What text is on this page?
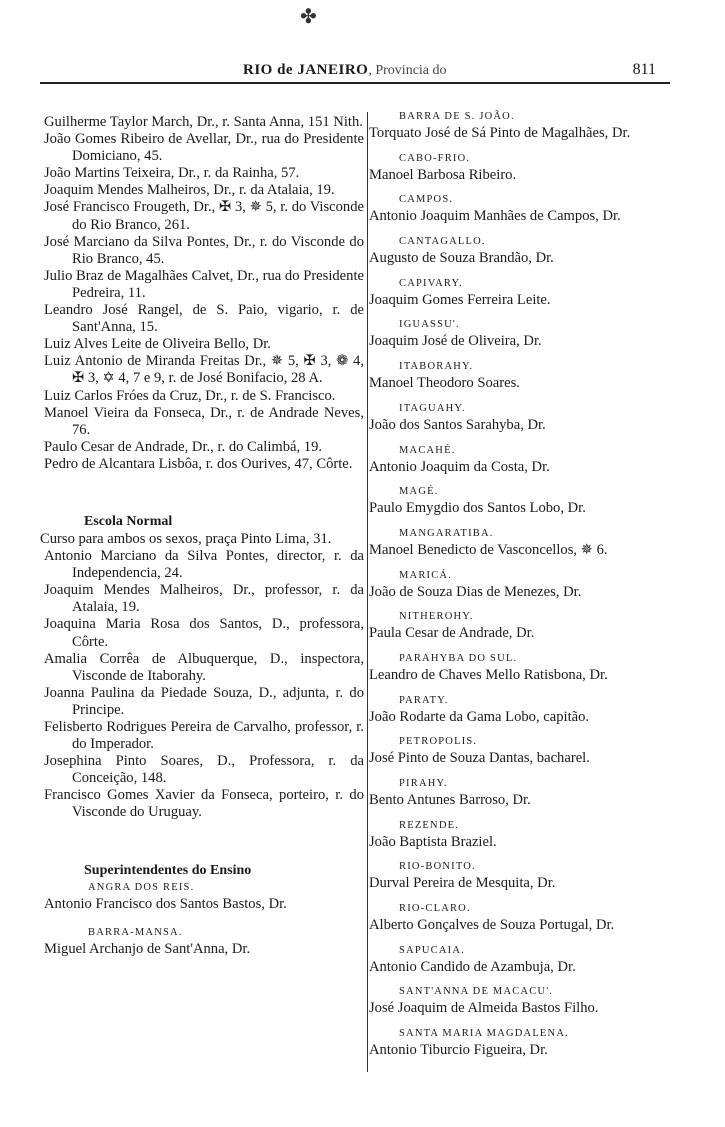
✤
RIO de JANEIRO, Provincia do	811
Guilherme Taylor March, Dr., r. Santa Anna, 151 Nith.
João Gomes Ribeiro de Avellar, Dr., rua do Presidente Domiciano, 45.
João Martins Teixeira, Dr., r. da Rainha, 57.
Joaquim Mendes Malheiros, Dr., r. da Atalaia, 19.
José Francisco Frougeth, Dr., ✠ 3, ✵ 5, r. do Visconde do Rio Branco, 261.
José Marciano da Silva Pontes, Dr., r. do Visconde do Rio Branco, 45.
Julio Braz de Magalhães Calvet, Dr., rua do Presidente Pedreira, 11.
Leandro José Rangel, de S. Paio, vigario, r. de Sant'Anna, 15.
Luiz Alves Leite de Oliveira Bello, Dr.
Luiz Antonio de Miranda Freitas Dr., ✵ 5, ✠ 3, ❁ 4, ✠ 3, ✡ 4, 7 e 9, r. de José Bonifacio, 28 A.
Luiz Carlos Fróes da Cruz, Dr., r. de S. Francisco.
Manoel Vieira da Fonseca, Dr., r. de Andrade Neves, 76.
Paulo Cesar de Andrade, Dr., r. do Calimbá, 19.
Pedro de Alcantara Lisbôa, r. dos Ourives, 47, Côrte.
Escola Normal
Curso para ambos os sexos, praça Pinto Lima, 31.
Antonio Marciano da Silva Pontes, director, r. da Independencia, 24.
Joaquim Mendes Malheiros, Dr., professor, r. da Atalaia, 19.
Joaquina Maria Rosa dos Santos, D., professora, Côrte.
Amalia Corrêa de Albuquerque, D., inspectora, Visconde de Itaborahy.
Joanna Paulina da Piedade Souza, D., adjunta, r. do Principe.
Felisberto Rodrigues Pereira de Carvalho, professor, r. do Imperador.
Josephina Pinto Soares, D., Professora, r. da Conceição, 148.
Francisco Gomes Xavier da Fonseca, porteiro, r. do Visconde do Uruguay.
Superintendentes do Ensino
ANGRA DOS REIS.
Antonio Francisco dos Santos Bastos, Dr.
BARRA-MANSA.
Miguel Archanjo de Sant'Anna, Dr.
BARRA DE S. JOÃO.
Torquato José de Sá Pinto de Magalhães, Dr.
CABO-FRIO.
Manoel Barbosa Ribeiro.
CAMPOS.
Antonio Joaquim Manhães de Campos, Dr.
CANTAGALLO.
Augusto de Souza Brandão, Dr.
CAPIVARY.
Joaquim Gomes Ferreira Leite.
IGUASSU'.
Joaquim José de Oliveira, Dr.
ITABORAHY.
Manoel Theodoro Soares.
ITAGUAHY.
João dos Santos Sarahyba, Dr.
MACAHÉ.
Antonio Joaquim da Costa, Dr.
MAGÉ.
Paulo Emygdio dos Santos Lobo, Dr.
MANGARATIBA.
Manoel Benedicto de Vasconcellos, ✵ 6.
MARICÁ.
João de Souza Dias de Menezes, Dr.
NITHEROHY.
Paula Cesar de Andrade, Dr.
PARAHYBA DO SUL.
Leandro de Chaves Mello Ratisbona, Dr.
PARATY.
João Rodarte da Gama Lobo, capitão.
PETROPOLIS.
José Pinto de Souza Dantas, bacharel.
PIRAHY.
Bento Antunes Barroso, Dr.
REZENDE.
João Baptista Braziel.
RIO-BONITO.
Durval Pereira de Mesquita, Dr.
RIO-CLARO.
Alberto Gonçalves de Souza Portugal, Dr.
SAPUCAIA.
Antonio Candido de Azambuja, Dr.
SANT'ANNA DE MACACU'.
José Joaquim de Almeida Bastos Filho.
SANTA MARIA MAGDALENA.
Antonio Tiburcio Figueira, Dr.
